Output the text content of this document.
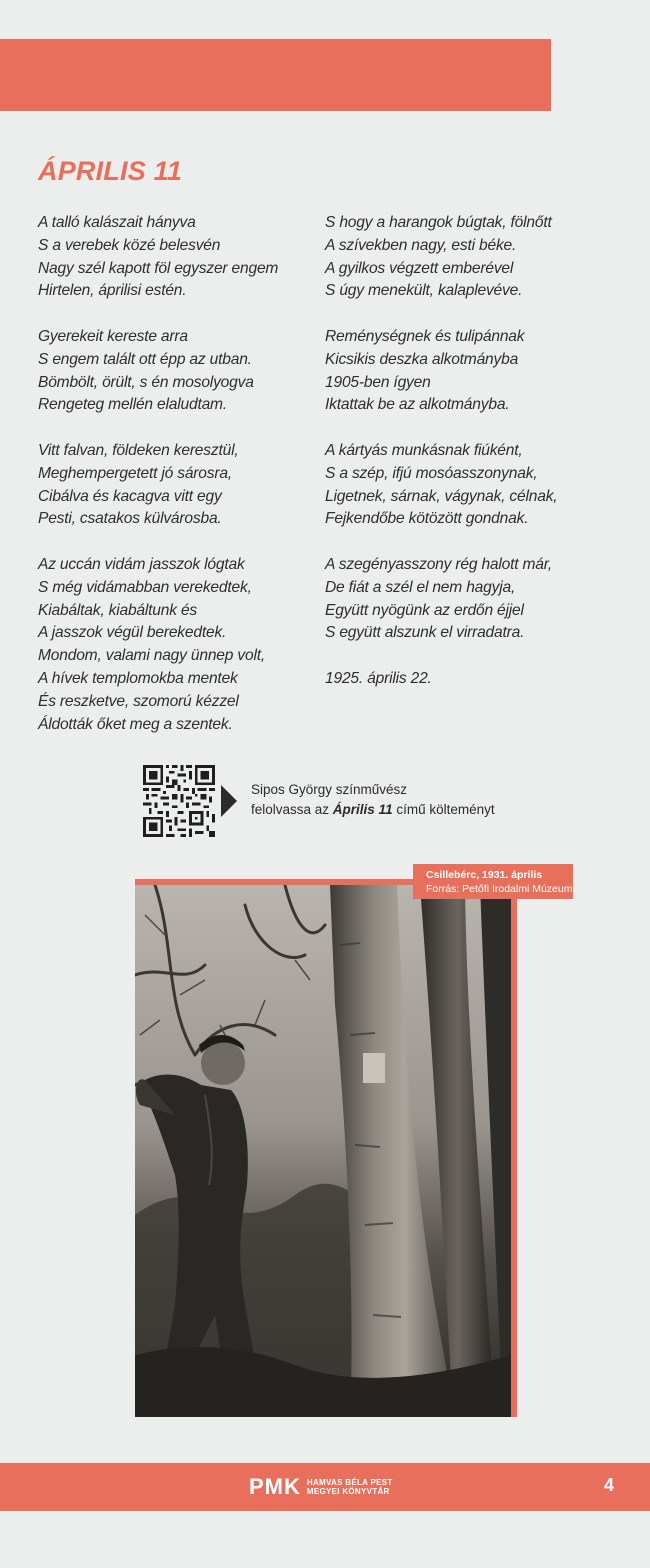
ÁPRILIS 11
A talló kalászait hányva
S a verebek közé belesvén
Nagy szél kapott föl egyszer engem
Hirtelen, áprilisi estén.
Gyerekeit kereste arra
S engem talált ott épp az utban.
Bömbölt, örült, s én mosolyogva
Rengeteg mellén elaludtam.
Vitt falvan, földeken keresztül,
Meghempergetett jó sárosra,
Cibálva és kacagva vitt egy
Pesti, csatakos külvárosba.
Az uccán vidám jasszok lógtak
S még vidámabban verekedtek,
Kiabáltak, kiabáltunk és
A jasszok végül berekedtek.
Mondom, valami nagy ünnep volt,
A hívek templomokba mentek
És reszketve, szomorú kézzel
Áldották őket meg a szentek.
S hogy a harangok búgtak, fölnőtt
A szívekben nagy, esti béke.
A gyilkos végzett emberével
S úgy menekült, kalaplevéve.
Reménységnek és tulipánnak
Kicsikis deszka alkotmányba
1905-ben ígyen
Iktattak be az alkotmányba.
A kártyás munkásnak fiúként,
S a szép, ifjú mosóasszonynak,
Ligetnek, sárnak, vágynak, célnak,
Fejkendőbe kötözött gondnak.
A szegényasszony rég halott már,
De fiát a szél el nem hagyja,
Együtt nyögünk az erdőn éjjel
S együtt alszunk el virradatra.
1925. április 22.
Sipos György színművész
felolvassa az Április 11 című költeményt
Csillebérc, 1931. április
Forrás: Petőfi Irodalmi Múzeum
PMK HAMVAS BÉLA PEST
MEGYEI KÖNYVTÁR	4
